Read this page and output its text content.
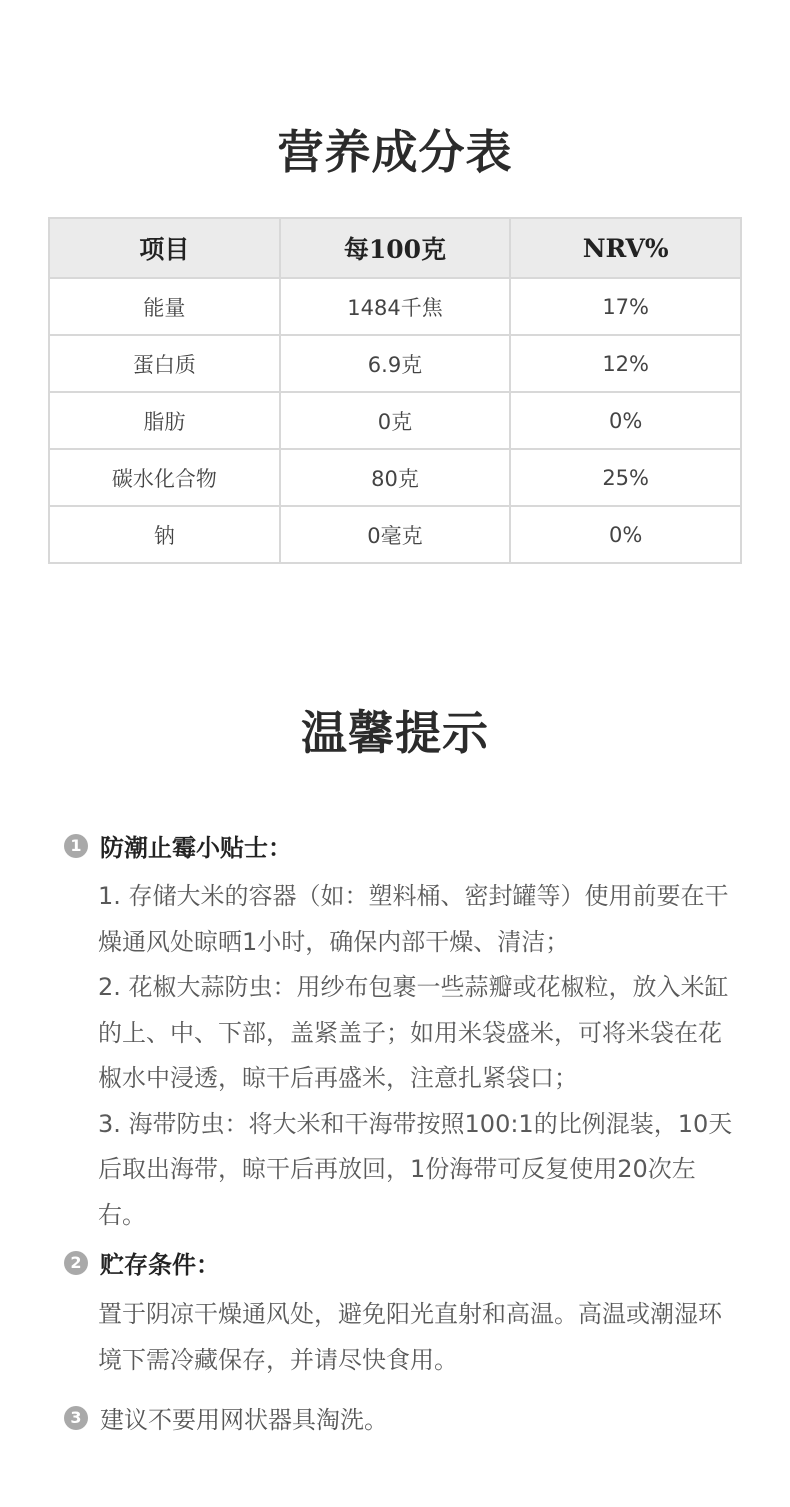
营养成分表
项目	每100克	NRV%
能量	1484千焦	17%
蛋白质	6.9克	12%
脂肪	0克	0%
碳水化合物	80克	25%
钠	0毫克	0%
温馨提示
1 防潮止霉小贴士：

1. 存储大米的容器（如：塑料桶、密封罐等）使用前要在干燥通风处晾晒1小时，确保内部干燥、清洁；

2. 花椒大蒜防虫：用纱布包裹一些蒜瓣或花椒粒，放入米缸的上、中、下部，盖紧盖子；如用米袋盛米，可将米袋在花椒水中浸透，晾干后再盛米，注意扎紧袋口；

3. 海带防虫：将大米和干海带按照100:1的比例混装，10天后取出海带，晾干后再放回，1份海带可反复使用20次左右。

2 贮存条件：

置于阴凉干燥通风处，避免阳光直射和高温。高温或潮湿环境下需冷藏保存，并请尽快食用。

3 建议不要用网状器具淘洗。
